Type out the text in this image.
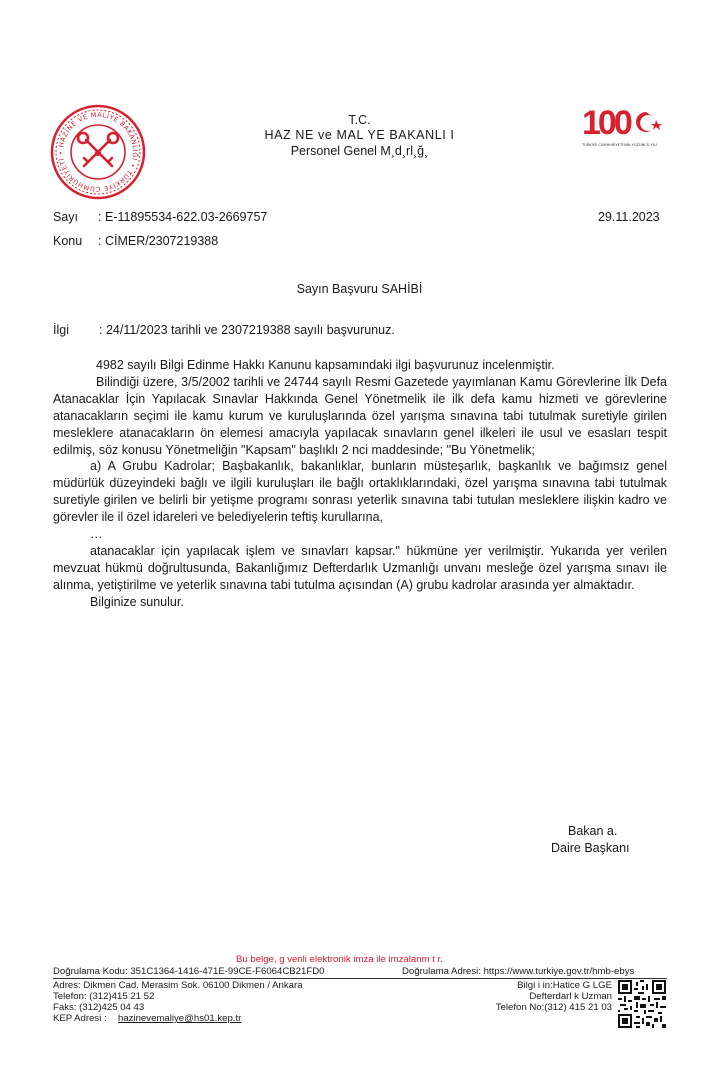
HAZİNE VE MALİYE BAKANLIĞI • TÜRKİYE CUMHURİYETİ •
100
TÜRKİYE CUMHURİYETİ'NİN YÜZÜNCÜ YILI
T.C.
HAZ NE ve MAL YE BAKANLI I
Personel Genel M¸d¸rl¸ğ¸
Sayı : E-11895534-622.03-2669757	29.11.2023
Konu : CİMER/2307219388
Sayın Başvuru SAHİBİ
İlgi : 24/11/2023 tarihli ve 2307219388 sayılı başvurunuz.

4982 sayılı Bilgi Edinme Hakkı Kanunu kapsamındaki ilgi başvurunuz incelenmiştir.

Bilindiği üzere, 3/5/2002 tarihli ve 24744 sayılı Resmi Gazetede yayımlanan Kamu Görevlerine İlk Defa Atanacaklar İçin Yapılacak Sınavlar Hakkında Genel Yönetmelik ile ilk defa kamu hizmeti ve görevlerine atanacakların seçimi ile kamu kurum ve kuruluşlarında özel yarışma sınavına tabi tutulmak suretiyle girilen mesleklere atanacakların ön elemesi amacıyla yapılacak sınavların genel ilkeleri ile usul ve esasları tespit edilmiş, söz konusu Yönetmeliğin "Kapsam" başlıklı 2 nci maddesinde; "Bu Yönetmelik;

a) A Grubu Kadrolar; Başbakanlık, bakanlıklar, bunların müsteşarlık, başkanlık ve bağımsız genel müdürlük düzeyindeki bağlı ve ilgili kuruluşları ile bağlı ortaklıklarındaki, özel yarışma sınavına tabi tutulmak suretiyle girilen ve belirli bir yetişme programı sonrası yeterlik sınavına tabi tutulan mesleklere ilişkin kadro ve görevler ile il özel idareleri ve belediyelerin teftiş kurullarına,

…

atanacaklar için yapılacak işlem ve sınavları kapsar." hükmüne yer verilmiştir. Yukarıda yer verilen mevzuat hükmü doğrultusunda, Bakanlığımız Defterdarlık Uzmanlığı unvanı mesleğe özel yarışma sınavı ile alınma, yetiştirilme ve yeterlik sınavına tabi tutulma açısından (A) grubu kadrolar arasında yer almaktadır.

Bilginize sunulur.

Bakan a.
Daire Başkanı
Bu belge, g venli elektronik imza ile imzalanm t r.
Doğrulama Kodu: 351C1364-1416-471E-99CE-F6064CB21FD0	Doğrulama Adresi: https://www.turkiye.gov.tr/hmb-ebys
Adres: Dikmen Cad. Merasim Sok. 06100 Dikmen / Ankara
Telefon: (312)415 21 52
Faks: (312)425 04 43
KEP Adresi : hazinevemaliye@hs01.kep.tr
Bilgi i in:Hatice G LGE
Defterdarl k Uzman
Telefon No:(312) 415 21 03
